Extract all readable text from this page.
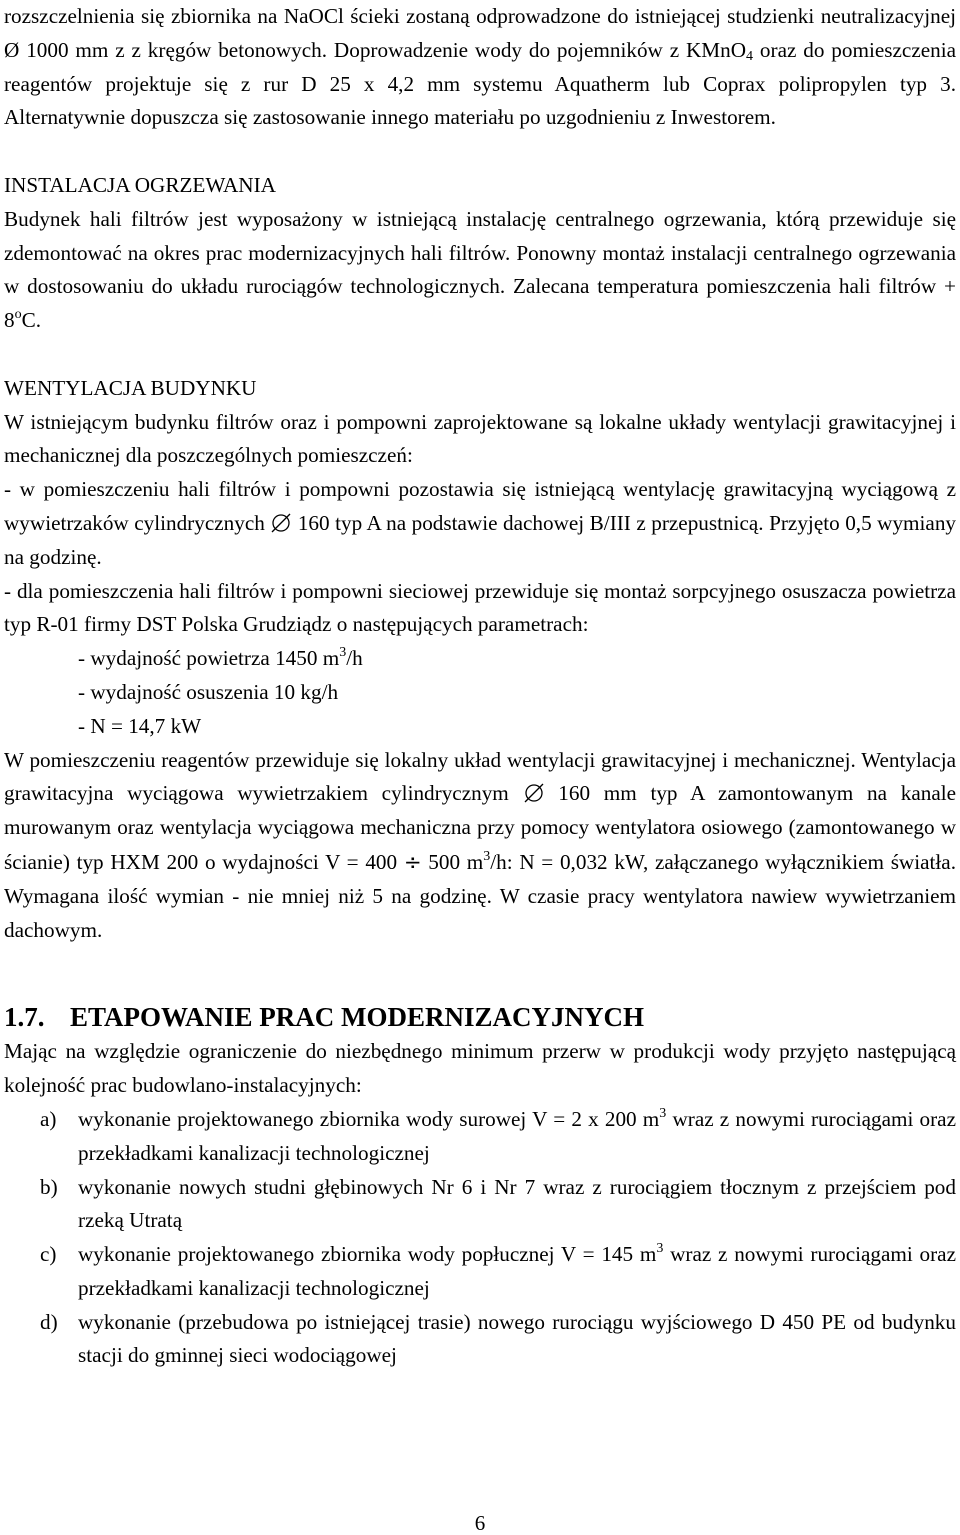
rozszczelnienia się zbiornika na NaOCl ścieki zostaną odprowadzone do istniejącej studzienki neutralizacyjnej Ø 1000 mm z z kręgów betonowych. Doprowadzenie wody do pojemników z KMnO$_4$ oraz do pomieszczenia reagentów projektuje się z rur D 25 x 4,2 mm systemu Aquatherm lub Coprax polipropylen typ 3. Alternatywnie dopuszcza się zastosowanie innego materiału po uzgodnieniu z Inwestorem.

INSTALACJA OGRZEWANIA

Budynek hali filtrów jest wyposażony w istniejącą instalację centralnego ogrzewania, którą przewiduje się zdemontować na okres prac modernizacyjnych hali filtrów. Ponowny montaż instalacji centralnego ogrzewania w dostosowaniu do układu rurociągów technologicznych. Zalecana temperatura pomieszczenia hali filtrów + $8^oC$.

WENTYLACJA BUDYNKU

W istniejącym budynku filtrów oraz i pompowni zaprojektowane są lokalne układy wentylacji grawitacyjnej i mechanicznej dla poszczególnych pomieszczeń:

- w pomieszczeniu hali filtrów i pompowni pozostawia się istniejącą wentylację grawitacyjną wyciągową z wywietrzaków cylindrycznych 160 typ A na podstawie dachowej B/III z przepustnicą. Przyjęto 0,5 wymiany na godzinę.

- dla pomieszczenia hali filtrów i pompowni sieciowej przewiduje się montaż sorpcyjnego osuszacza powietrza typ R-01 firmy DST Polska Grudziądz o następujących parametrach:

- wydajność powietrza 1450 $m^3/h$

- wydajność osuszenia 10 kg/h

- N = 14,7 kW

W pomieszczeniu reagentów przewiduje się lokalny układ wentylacji grawitacyjnej i mechanicznej. Wentylacja grawitacyjna wyciągowa wywietrzakiem cylindrycznym 160 mm typ A zamontowanym na kanale murowanym oraz wentylacja wyciągowa mechaniczna przy pomocy wentylatora osiowego (zamontowanego w ścianie) typ HXM 200 o wydajności V = 400 ÷ 500 $m^3/h$: N = 0,032 kW, załączanego wyłącznikiem światła. Wymagana ilość wymian - nie mniej niż 5 na godzinę. W czasie pracy wentylatora nawiew wywietrzaniem dachowym.

1.7. ETAPOWANIE PRAC MODERNIZACYJNYCH

Mając na względzie ograniczenie do niezbędnego minimum przerw w produkcji wody przyjęto następującą kolejność prac budowlano-instalacyjnych:

a) wykonanie projektowanego zbiornika wody surowej V = 2 x 200 $m^3$ wraz z nowymi rurociągami oraz przekładkami kanalizacji technologicznej
b) wykonanie nowych studni głębinowych Nr 6 i Nr 7 wraz z rurociągiem tłocznym z przejściem pod rzeką Utratą
c) wykonanie projektowanego zbiornika wody popłucznej V = 145 $m^3$ wraz z nowymi rurociągami oraz przekładkami kanalizacji technologicznej
d) wykonanie (przebudowa po istniejącej trasie) nowego rurociągu wyjściowego D 450 PE od budynku stacji do gminnej sieci wodociągowej
6
